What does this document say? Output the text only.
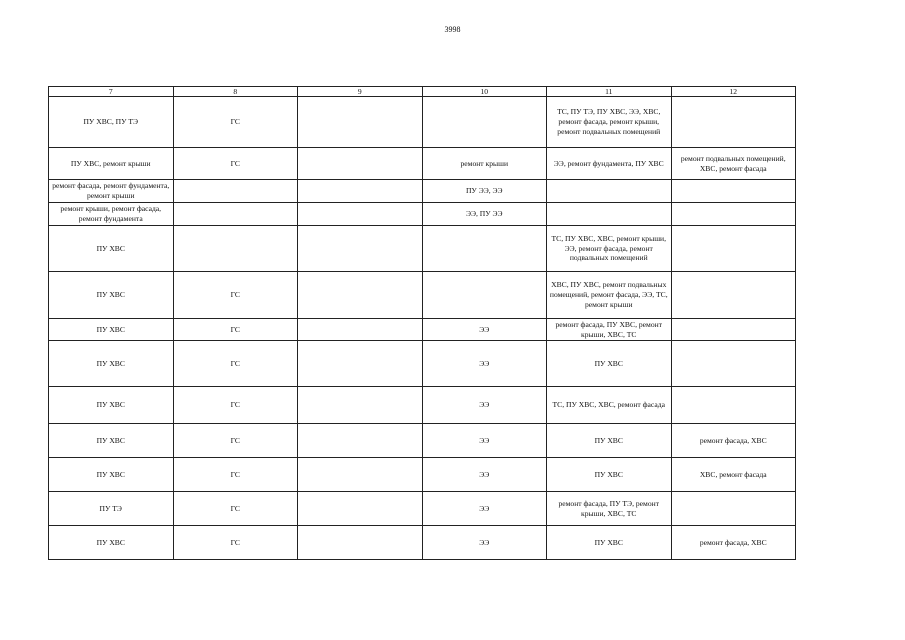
3998
7	8	9	10	11	12
ПУ ХВС, ПУ ТЭ	ГС			ТС, ПУ ТЭ, ПУ ХВС, ЭЭ, ХВС, ремонт фасада, ремонт крыши, ремонт подвальных помещений	
ПУ ХВС, ремонт крыши	ГС		ремонт крыши	ЭЭ, ремонт фундамента, ПУ ХВС	ремонт подвальных помещений, ХВС, ремонт фасада
ремонт фасада, ремонт фундамента, ремонт крыши			ПУ ЭЭ, ЭЭ		
ремонт крыши, ремонт фасада, ремонт фундамента			ЭЭ, ПУ ЭЭ		
ПУ ХВС				ТС, ПУ ХВС, ХВС, ремонт крыши, ЭЭ, ремонт фасада, ремонт подвальных помещений	
ПУ ХВС	ГС			ХВС, ПУ ХВС, ремонт подвальных помещений, ремонт фасада, ЭЭ, ТС, ремонт крыши	
ПУ ХВС	ГС		ЭЭ	ремонт фасада, ПУ ХВС, ремонт крыши, ХВС, ТС	
ПУ ХВС	ГС		ЭЭ	ПУ ХВС	
ПУ ХВС	ГС		ЭЭ	ТС, ПУ ХВС, ХВС, ремонт фасада	
ПУ ХВС	ГС		ЭЭ	ПУ ХВС	ремонт фасада, ХВС
ПУ ХВС	ГС		ЭЭ	ПУ ХВС	ХВС, ремонт фасада
ПУ ТЭ	ГС		ЭЭ	ремонт фасада, ПУ ТЭ, ремонт крыши, ХВС, ТС	
ПУ ХВС	ГС		ЭЭ	ПУ ХВС	ремонт фасада, ХВС
